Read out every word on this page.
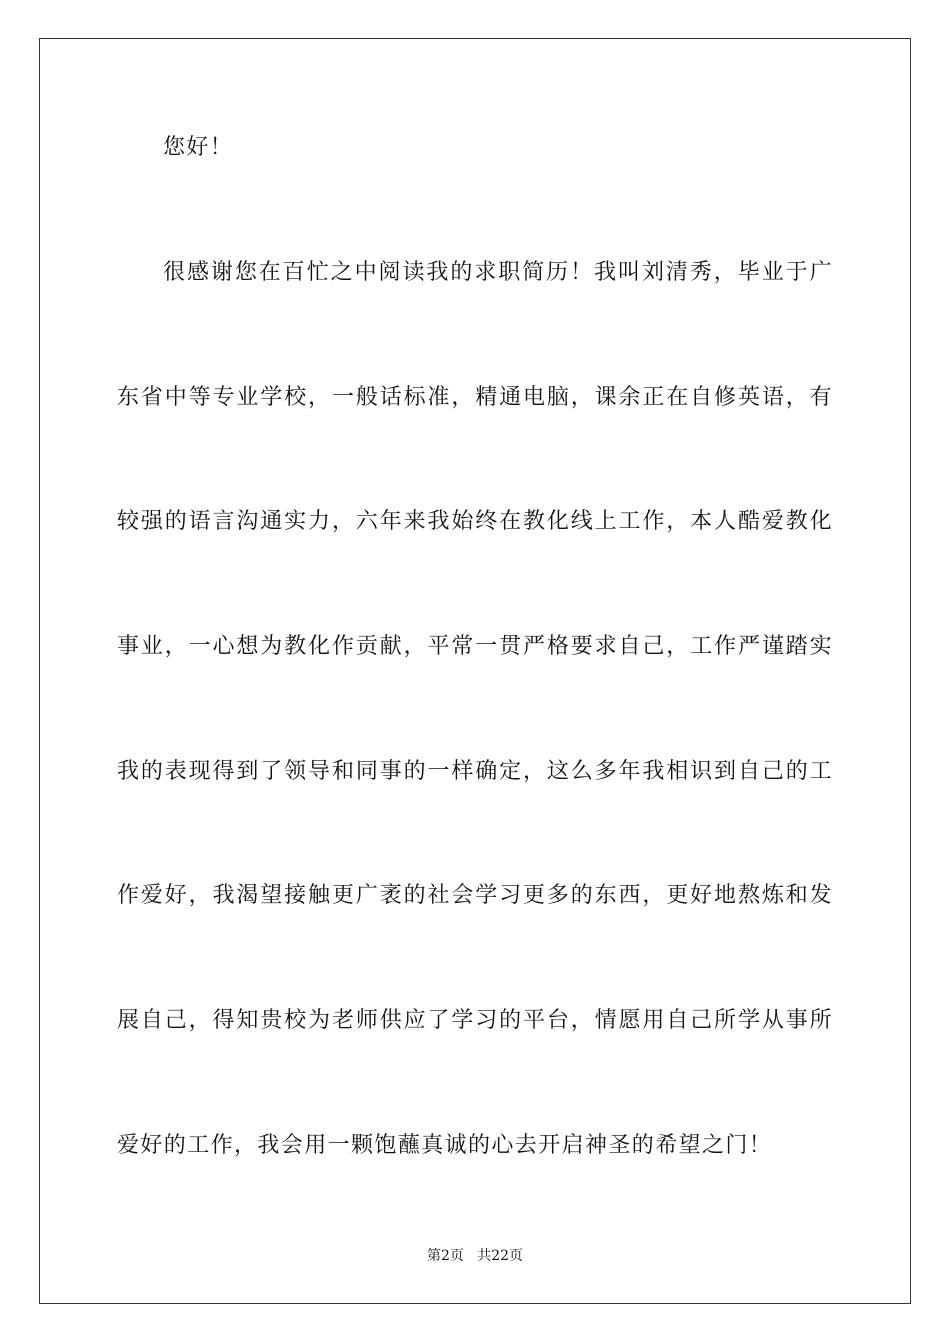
您好！
很感谢您在百忙之中阅读我的求职简历！我叫刘清秀，毕业于广
东省中等专业学校，一般话标准，精通电脑，课余正在自修英语，有
较强的语言沟通实力，六年来我始终在教化线上工作，本人酷爱教化
事业，一心想为教化作贡献，平常一贯严格要求自己，工作严谨踏实
我的表现得到了领导和同事的一样确定，这么多年我相识到自己的工
作爱好，我渴望接触更广袤的社会学习更多的东西，更好地熬炼和发
展自己，得知贵校为老师供应了学习的平台，情愿用自己所学从事所
爱好的工作，我会用一颗饱蘸真诚的心去开启神圣的希望之门！
第2页   共22页
